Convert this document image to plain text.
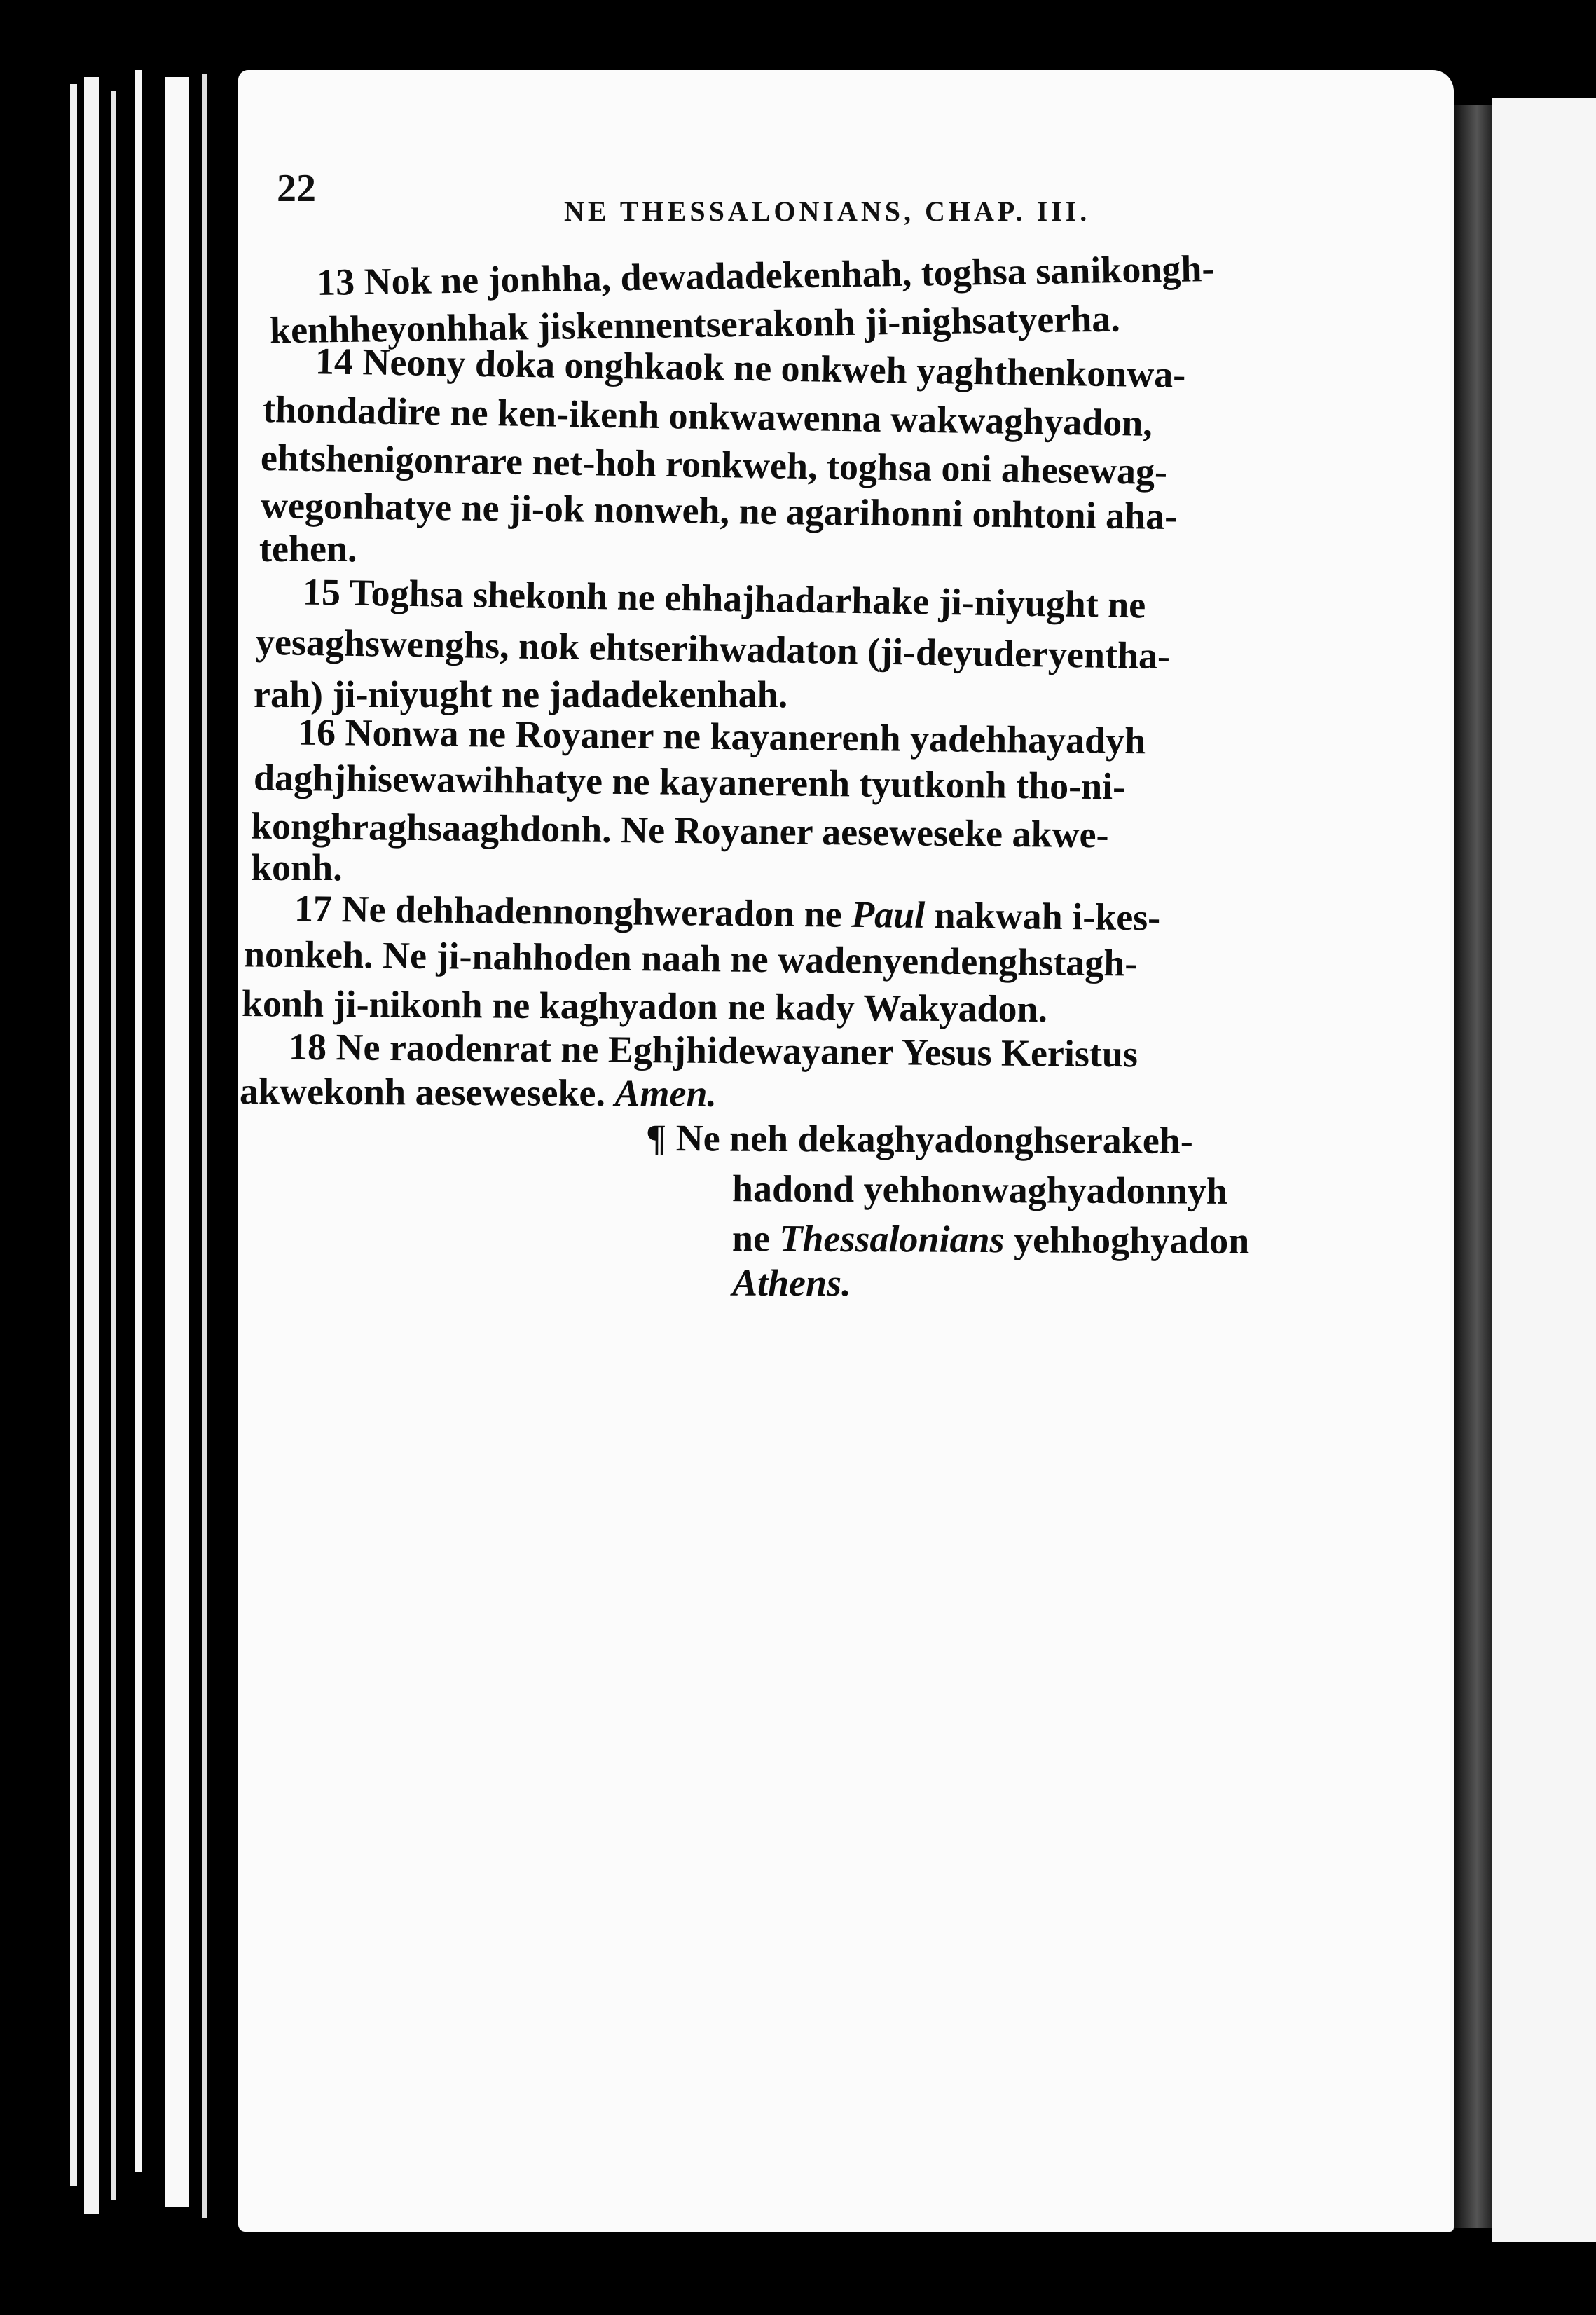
22
NE THESSALONIANS, CHAP. III.
13 Nok ne jonhha, dewadadekenhah, toghsa sanikongh-
kenhheyonhhak jiskennentserakonh ji-nighsatyerha.
14 Neony doka onghkaok ne onkweh yaghthenkonwa-
thondadire ne ken-ikenh onkwawenna wakwaghyadon,
ehtshenigonrare net-hoh ronkweh, toghsa oni ahesewag-
wegonhatye ne ji-ok nonweh, ne agarihonni onhtoni aha-
tehen.
15 Toghsa shekonh ne ehhajhadarhake ji-niyught ne
yesaghswenghs, nok ehtserihwadaton (ji-deyuderyentha-
rah) ji-niyught ne jadadekenhah.
16 Nonwa ne Royaner ne kayanerenh yadehhayadyh
daghjhisewawihhatye ne kayanerenh tyutkonh tho-ni-
konghraghsaaghdonh. Ne Royaner aeseweseke akwe-
konh.
17 Ne dehhadennonghweradon ne Paul nakwah i-kes-
nonkeh. Ne ji-nahhoden naah ne wadenyendenghstagh-
konh ji-nikonh ne kaghyadon ne kady Wakyadon.
18 Ne raodenrat ne Eghjhidewayaner Yesus Keristus
akwekonh aeseweseke. Amen.
¶ Ne neh dekaghyadonghserakeh-
hadond yehhonwaghyadonnyh
ne Thessalonians yehhoghyadon
Athens.
